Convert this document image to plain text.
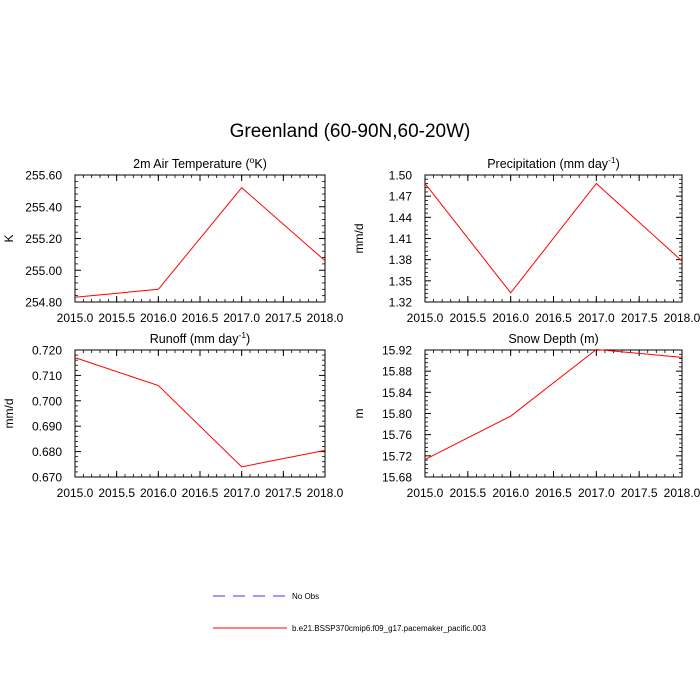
Greenland (60-90N,60-20W)
2m Air Temperature ($^o$K)
2015.0 2015.5 2016.0 2016.5 2017.0 2017.5 2018.0
254.80
255.00
255.20
255.40
255.60
K
Precipitation (mm day$^{-1}$)
2015.0 2015.5 2016.0 2016.5 2017.0 2017.5 2018.0
1.32
1.35
1.38
1.41
1.44
1.47
1.50
mm/d
Runoff (mm day$^{-1}$)
2015.0 2015.5 2016.0 2016.5 2017.0 2017.5 2018.0
0.670
0.680
0.690
0.700
0.710
0.720
mm/d
Snow Depth (m)
2015.0 2015.5 2016.0 2016.5 2017.0 2017.5 2018.0
15.68
15.72
15.76
15.80
15.84
15.88
15.92
m
No Obs
b.e21.BSSP370cmip6.f09_g17.pacemaker_pacific.003
